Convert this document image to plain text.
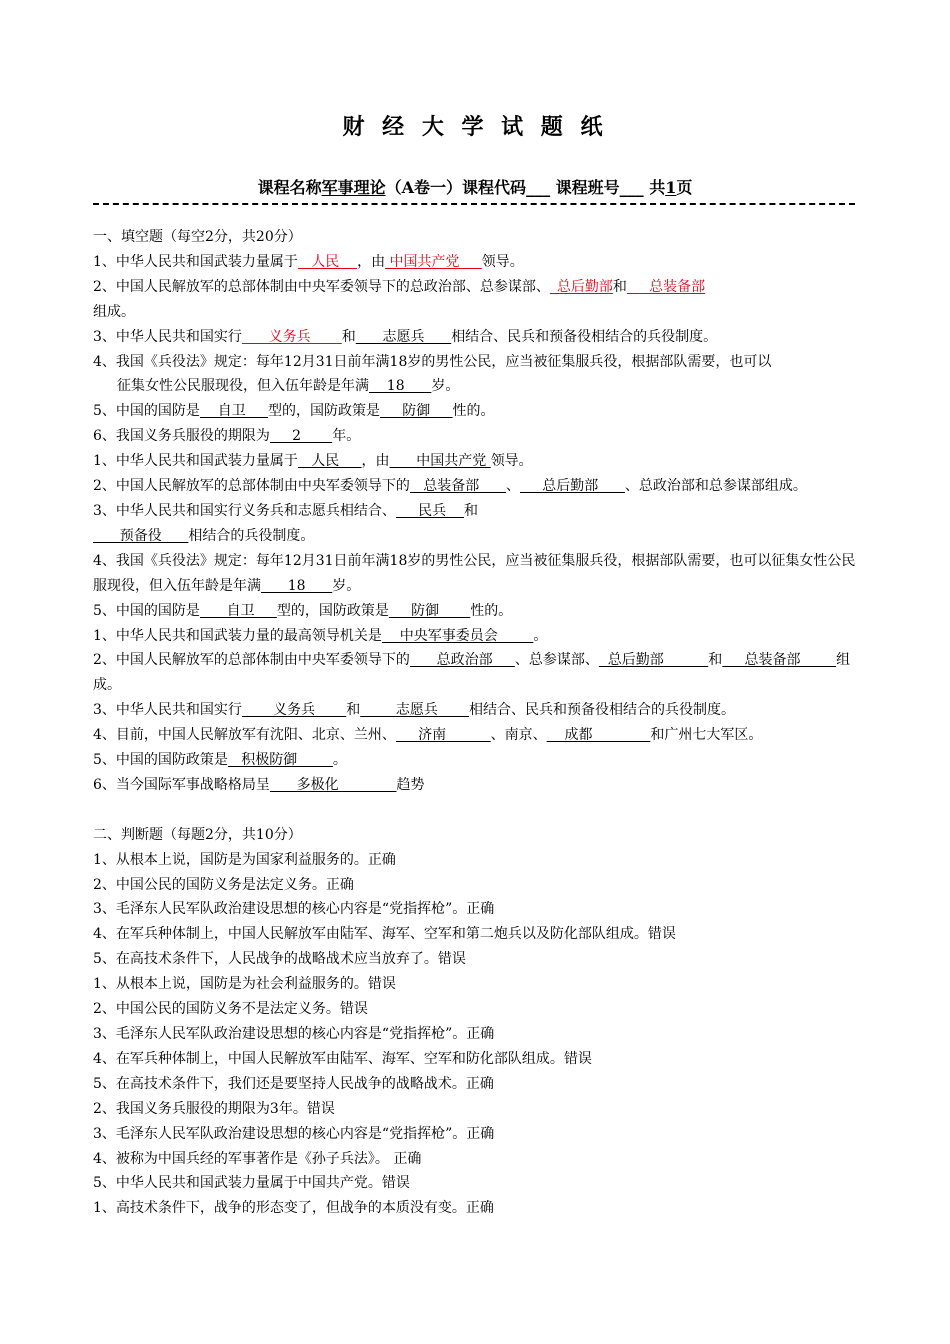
财 经 大 学 试 题 纸
课程名称军事理论（A卷一）课程代码___ 课程班号___ 共1页

一、填空题（每空2分，共20分）

1、中华人民共和国武装力量属于   人民    ，由 中国共产党     领导。

2、中国人民解放军的总部体制由中央军委领导下的总政治部、总参谋部、_总后勤部和     总装备部

组成。

3、中华人民共和国实行      义务兵       和      志愿兵      相结合、民兵和预备役相结合的兵役制度。

4、我国《兵役法》规定：每年12月31日前年满18岁的男性公民，应当被征集服兵役，根据部队需要，也可以

征集女性公民服现役，但入伍年龄是年满    18      岁。

5、中国的国防是    自卫     型的，国防政策是     防御     性的。

6、我国义务兵服役的期限为     2       年。

1、中华人民共和国武装力量属于   人民     ，由      中国共产党 领导。

2、中国人民解放军的总部体制由中央军委领导下的   总装备部      、     总后勤部      、总政治部和总参谋部组成。

3、中华人民共和国实行义务兵和志愿兵相结合、     民兵    和

预备役      相结合的兵役制度。

4、我国《兵役法》规定：每年12月31日前年满18岁的男性公民，应当被征集服兵役，根据部队需要，也可以征集女性公民服现役，但入伍年龄是年满      18      岁。

5、中国的国防是      自卫     型的，国防政策是     防御       性的。

1、中华人民共和国武装力量的最高领导机关是    中央军事委员会        。

2、中国人民解放军的总部体制由中央军委领导下的      总政治部     、总参谋部、  总后勤部          和     总装备部        组成。

3、中华人民共和国实行       义务兵       和        志愿兵       相结合、民兵和预备役相结合的兵役制度。

4、目前，中国人民解放军有沈阳、北京、兰州、     济南          、南京、    成都             和广州七大军区。

5、中国的国防政策是   积极防御        。

6、当今国际军事战略格局呈      多极化             趋势

二、判断题（每题2分，共10分）

1、从根本上说，国防是为国家利益服务的。正确

2、中国公民的国防义务是法定义务。正确

3、毛泽东人民军队政治建设思想的核心内容是“党指挥枪”。正确

4、在军兵种体制上，中国人民解放军由陆军、海军、空军和第二炮兵以及防化部队组成。错误

5、在高技术条件下，人民战争的战略战术应当放弃了。错误

1、从根本上说，国防是为社会利益服务的。错误

2、中国公民的国防义务不是法定义务。错误

3、毛泽东人民军队政治建设思想的核心内容是“党指挥枪”。正确

4、在军兵种体制上，中国人民解放军由陆军、海军、空军和防化部队组成。错误

5、在高技术条件下，我们还是要坚持人民战争的战略战术。正确

2、我国义务兵服役的期限为3年。错误

3、毛泽东人民军队政治建设思想的核心内容是“党指挥枪”。正确

4、被称为中国兵经的军事著作是《孙子兵法》。 正确

5、中华人民共和国武装力量属于中国共产党。错误

1、高技术条件下，战争的形态变了，但战争的本质没有变。正确
